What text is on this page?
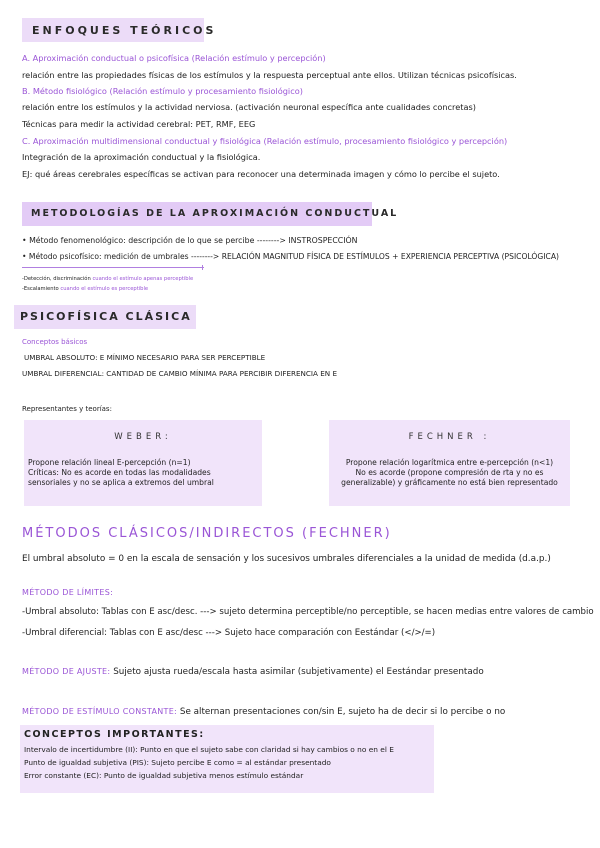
ENFOQUES TEÓRICOS
A. Aproximación conductual o psicofísica (Relación estímulo y percepción)
relación entre las propiedades físicas de los estímulos y la respuesta perceptual ante ellos. Utilizan técnicas psicofísicas.
B. Método fisiológico (Relación estímulo y procesamiento fisiológico)
relación entre los estímulos y la actividad nerviosa. (activación neuronal específica ante cualidades concretas)
Técnicas para medir la actividad cerebral: PET, RMF, EEG
C. Aproximación multidimensional conductual y fisiológica (Relación estímulo, procesamiento fisiológico y percepción)
Integración de la aproximación conductual y la fisiológica.
EJ: qué áreas cerebrales específicas se activan para reconocer una determinada imagen y cómo lo percibe el sujeto.
METODOLOGÍAS DE LA APROXIMACIÓN CONDUCTUAL
• Método fenomenológico: descripción de lo que se percibe --------> INSTROSPECCIÓN
• Método psicofísico: medición de umbrales --------> RELACIÓN MAGNITUD FÍSICA DE ESTÍMULOS + EXPERIENCIA PERCEPTIVA (PSICOLÓGICA)
-Detección, discriminación cuando el estímulo apenas perceptible
-Escalamiento cuando el estímulo es perceptible
PSICOFÍSICA CLÁSICA
Conceptos básicos
UMBRAL ABSOLUTO: E MÍNIMO NECESARIO PARA SER PERCEPTIBLE
UMBRAL DIFERENCIAL: CANTIDAD DE CAMBIO MÍNIMA PARA PERCIBIR DIFERENCIA EN E
Representantes y teorías:
WEBER:
Propone relación lineal E-percepción (n=1)
Críticas: No es acorde en todas las modalidades
sensoriales y no se aplica a extremos del umbral
FECHNER :
Propone relación logarítmica entre e-percepción (n<1)
No es acorde (propone compresión de rta y no es
generalizable) y gráficamente no está bien representado
MÉTODOS CLÁSICOS/INDIRECTOS (FECHNER)
El umbral absoluto = 0 en la escala de sensación y los sucesivos umbrales diferenciales a la unidad de medida (d.a.p.)
MÉTODO DE LÍMITES:
-Umbral absoluto: Tablas con E asc/desc. ---> sujeto determina perceptible/no perceptible, se hacen medias entre valores de cambio
-Umbral diferencial: Tablas con E asc/desc ---> Sujeto hace comparación con Eestándar (</>/=)
MÉTODO DE AJUSTE: Sujeto ajusta rueda/escala hasta asimilar (subjetivamente) el Eestándar presentado
MÉTODO DE ESTÍMULO CONSTANTE: Se alternan presentaciones con/sin E, sujeto ha de decir si lo percibe o no
CONCEPTOS IMPORTANTES:
Intervalo de incertidumbre (II): Punto en que el sujeto sabe con claridad si hay cambios o no en el E
Punto de igualdad subjetiva (PIS): Sujeto percibe E como = al estándar presentado
Error constante (EC): Punto de igualdad subjetiva menos estímulo estándar
